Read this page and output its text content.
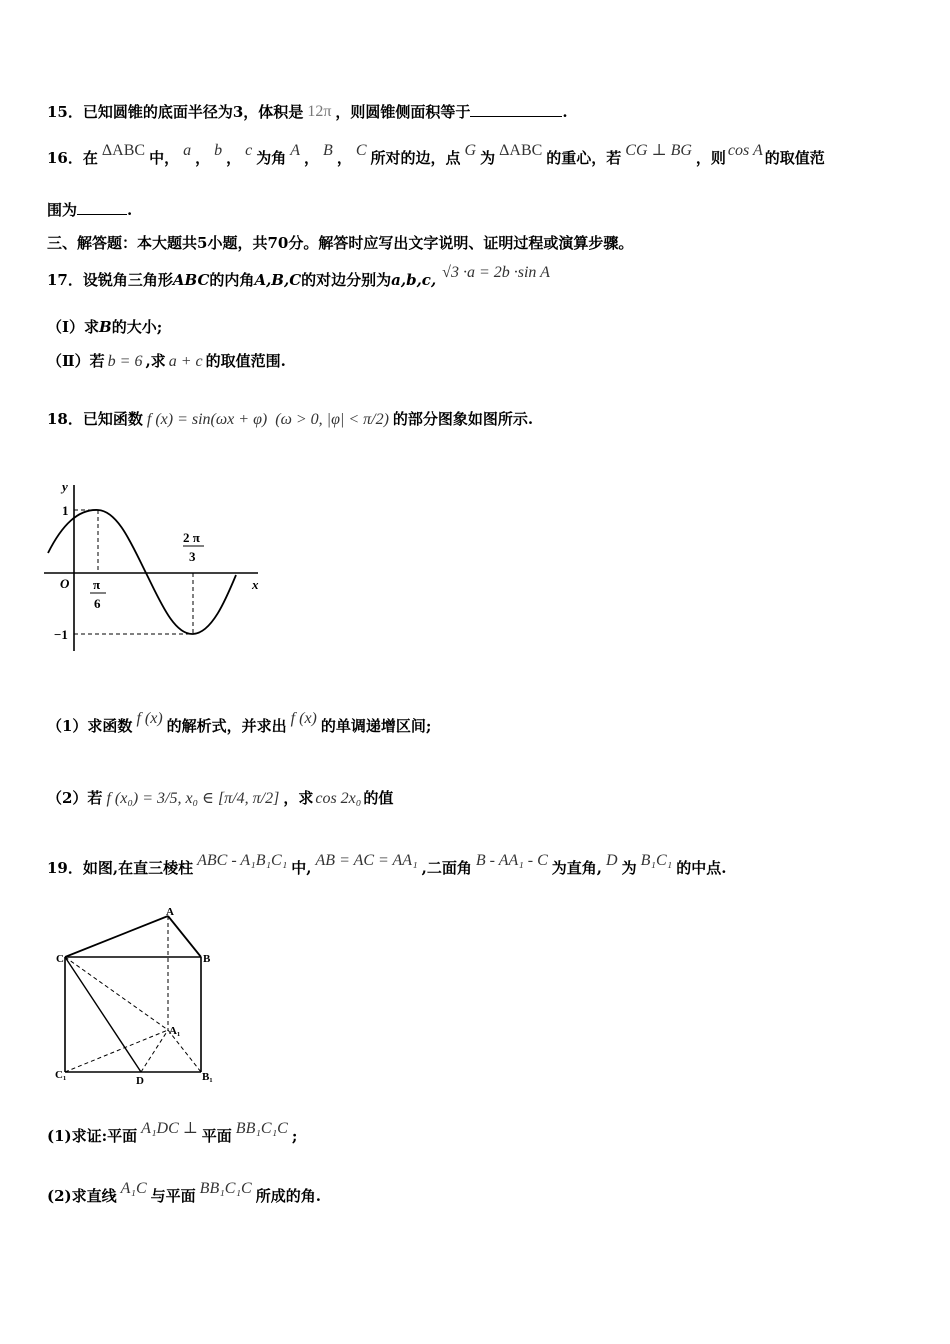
15．已知圆锥的底面半径为3，体积是 12π ，则圆锥侧面积等于	.
16．在 ΔABC 中， a ， b ， c 为角 A ， B ， C 所对的边，点 G 为 ΔABC 的重心，若 CG ⊥ BG ，则 cos A 的取值范
围为	.
三、解答题：本大题共5小题，共70分。解答时应写出文字说明、证明过程或演算步骤。
17．设锐角三角形ABC的内角A,B,C的对边分别为a,b,c, √3 ·a = 2b ·sin A
（Ⅰ）求B的大小;
（Ⅱ）若 b = 6 ,求 a + c 的取值范围.
18．已知函数 f (x) = sin(ωx + φ) (ω > 0, |φ| < π/2) 的部分图象如图所示.
y
x
O
1
−1
π
6
2 π
3
（1）求函数 f (x) 的解析式，并求出 f (x) 的单调递增区间;
（2）若 f (x₀) = 3/5, x₀ ∈ [π/4, π/2] ，求 cos 2x₀ 的值
19．如图,在直三棱柱 ABC - A₁B₁C₁ 中, AB = AC = AA₁ ,二面角 B - AA₁ - C 为直角, D 为 B₁C₁ 的中点.
A
B
C
A₁
B₁
C₁	D
(1)求证:平面 A₁DC ⊥ 平面 BB₁C₁C ;
(2)求直线 A₁C 与平面 BB₁C₁C 所成的角.
